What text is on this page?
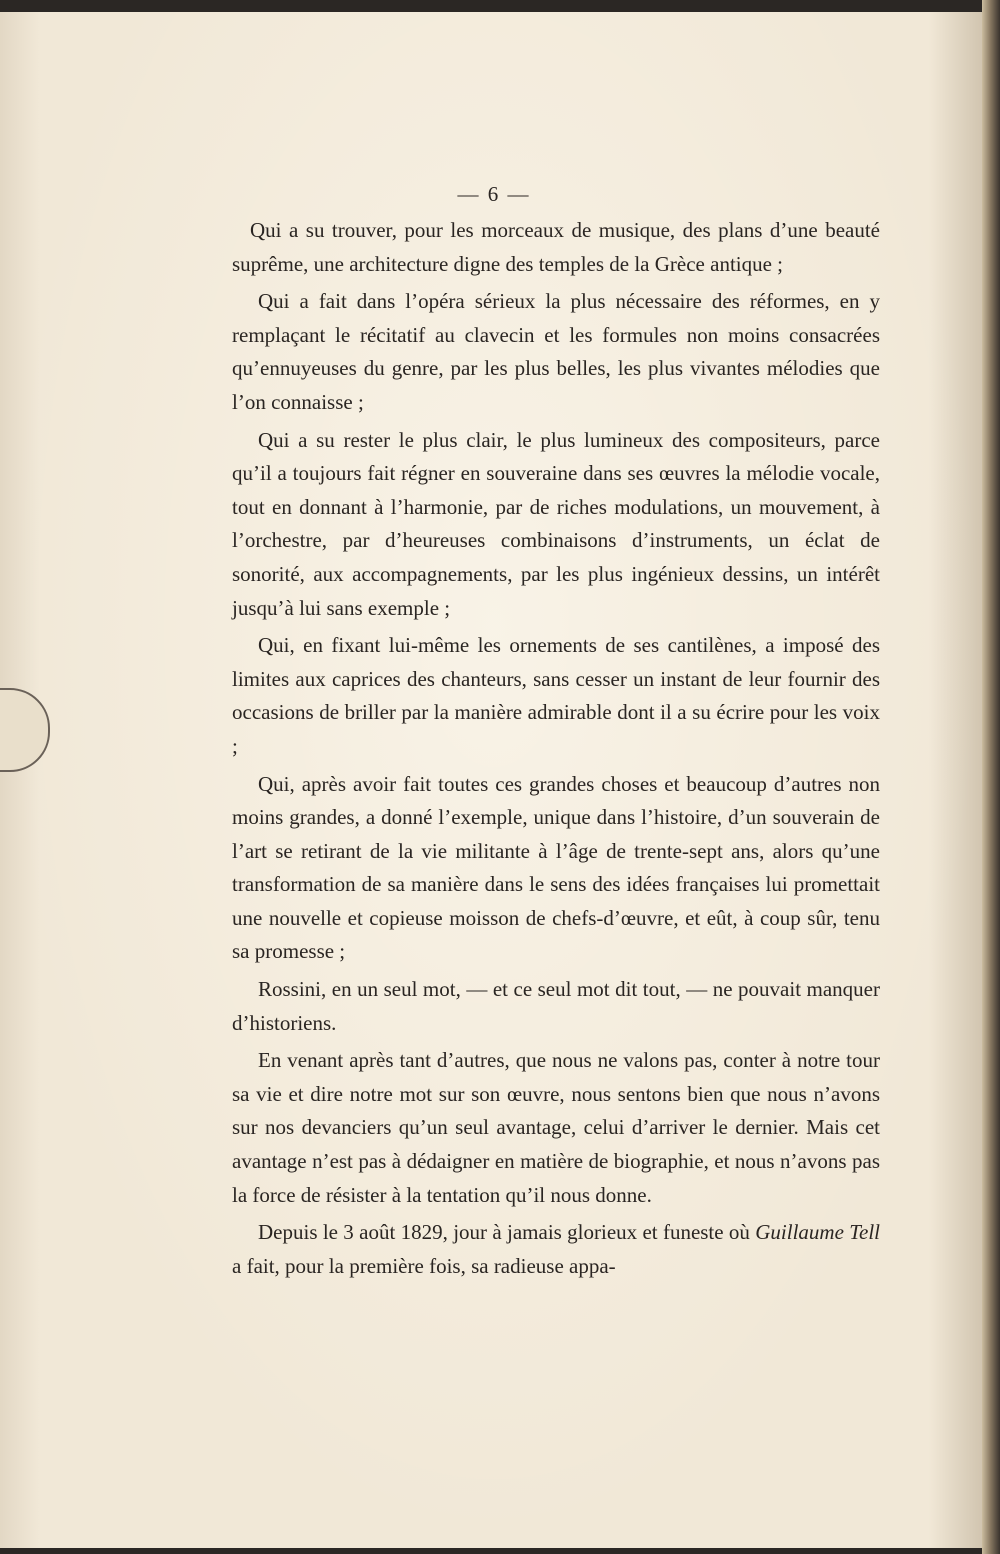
— 6 —

Qui a su trouver, pour les morceaux de musique, des plans d’une beauté suprême, une architecture digne des temples de la Grèce antique ;

Qui a fait dans l’opéra sérieux la plus nécessaire des réformes, en y remplaçant le récitatif au clavecin et les formules non moins consacrées qu’ennuyeuses du genre, par les plus belles, les plus vivantes mélodies que l’on connaisse ;

Qui a su rester le plus clair, le plus lumineux des compositeurs, parce qu’il a toujours fait régner en souveraine dans ses œuvres la mélodie vocale, tout en donnant à l’harmonie, par de riches modulations, un mouvement, à l’orchestre, par d’heureuses combinaisons d’instruments, un éclat de sonorité, aux accompagnements, par les plus ingénieux dessins, un intérêt jusqu’à lui sans exemple ;

Qui, en fixant lui-même les ornements de ses cantilènes, a imposé des limites aux caprices des chanteurs, sans cesser un instant de leur fournir des occasions de briller par la manière admirable dont il a su écrire pour les voix ;

Qui, après avoir fait toutes ces grandes choses et beaucoup d’autres non moins grandes, a donné l’exemple, unique dans l’histoire, d’un souverain de l’art se retirant de la vie militante à l’âge de trente-sept ans, alors qu’une transformation de sa manière dans le sens des idées françaises lui promettait une nouvelle et copieuse moisson de chefs-d’œuvre, et eût, à coup sûr, tenu sa promesse ;

Rossini, en un seul mot, — et ce seul mot dit tout, — ne pouvait manquer d’historiens.

En venant après tant d’autres, que nous ne valons pas, conter à notre tour sa vie et dire notre mot sur son œuvre, nous sentons bien que nous n’avons sur nos devanciers qu’un seul avantage, celui d’arriver le dernier. Mais cet avantage n’est pas à dédaigner en matière de biographie, et nous n’avons pas la force de résister à la tentation qu’il nous donne.

Depuis le 3 août 1829, jour à jamais glorieux et funeste où Guillaume Tell a fait, pour la première fois, sa radieuse appa-
